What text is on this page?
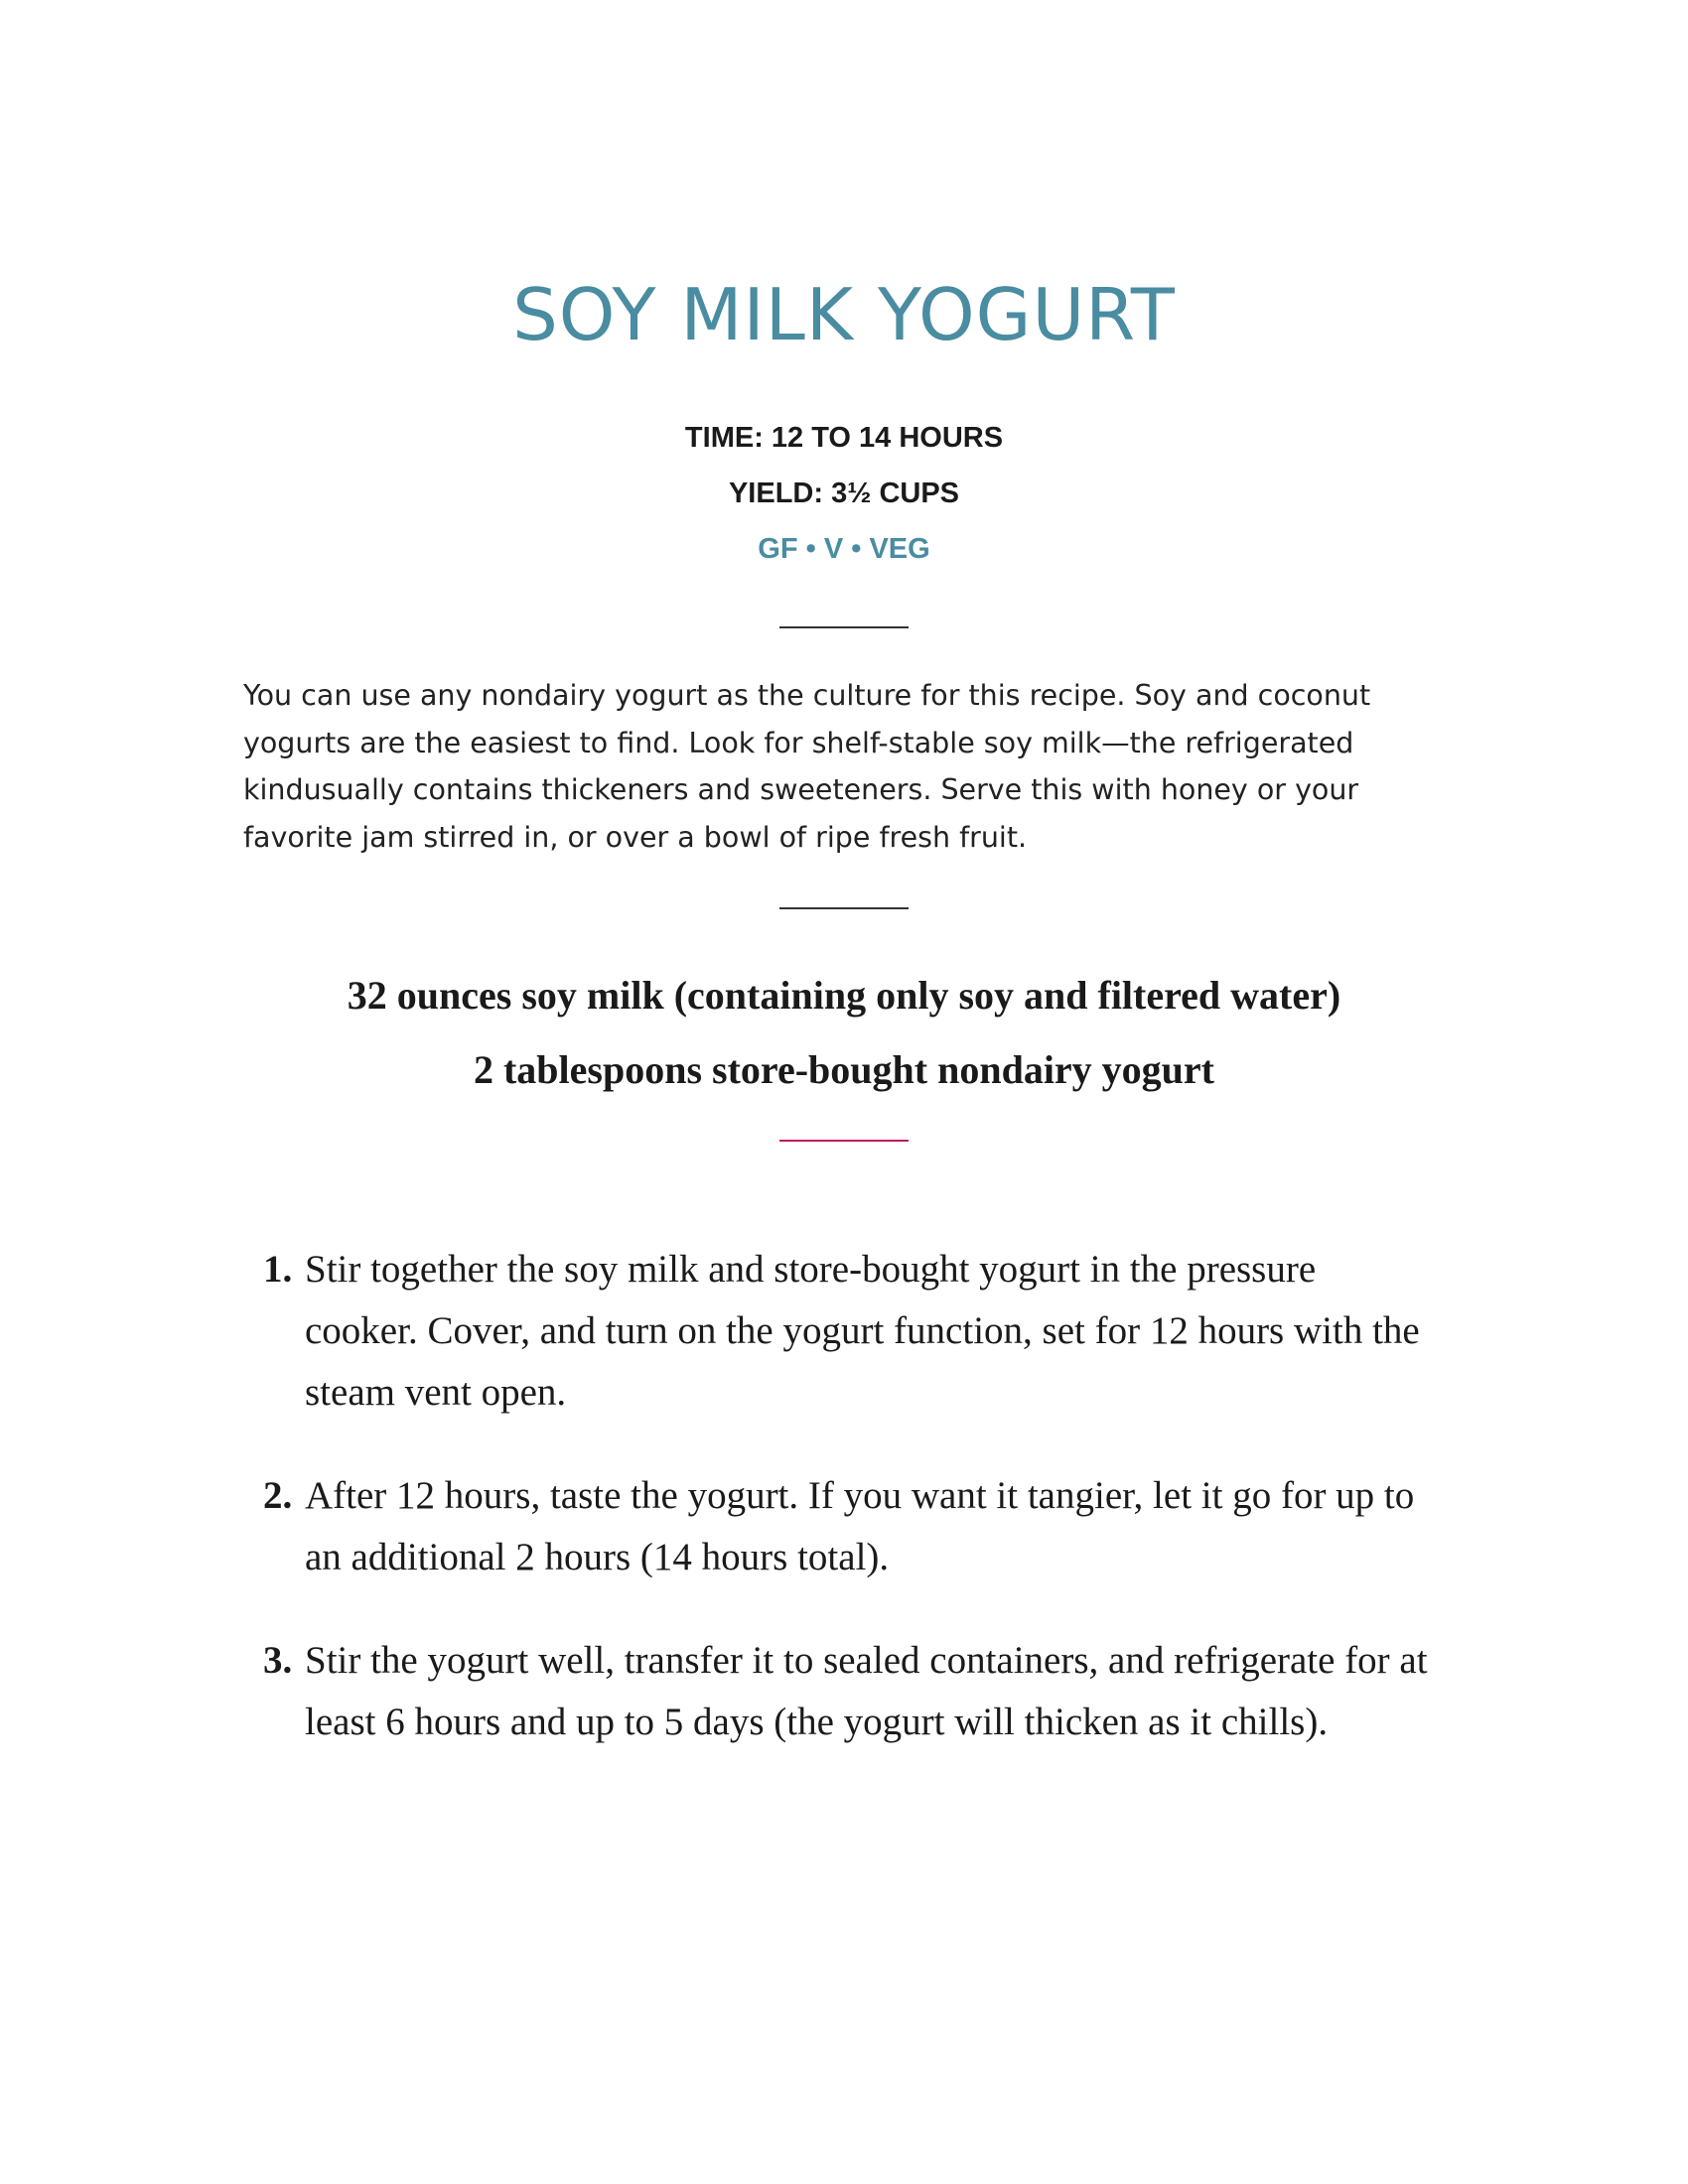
SOY MILK YOGURT
TIME: 12 TO 14 HOURS
YIELD: 3½ CUPS
GF • V • VEG

You can use any nondairy yogurt as the culture for this recipe. Soy and coconut yogurts are the easiest to find. Look for shelf-stable soy milk—the refrigerated kindusually contains thickeners and sweeteners. Serve this with honey or your favorite jam stirred in, or over a bowl of ripe fresh fruit.

32 ounces soy milk (containing only soy and filtered water)
2 tablespoons store-bought nondairy yogurt
1. Stir together the soy milk and store-bought yogurt in the pressure cooker. Cover, and turn on the yogurt function, set for 12 hours with the steam vent open.
2. After 12 hours, taste the yogurt. If you want it tangier, let it go for up to an additional 2 hours (14 hours total).
3. Stir the yogurt well, transfer it to sealed containers, and refrigerate for at least 6 hours and up to 5 days (the yogurt will thicken as it chills).
